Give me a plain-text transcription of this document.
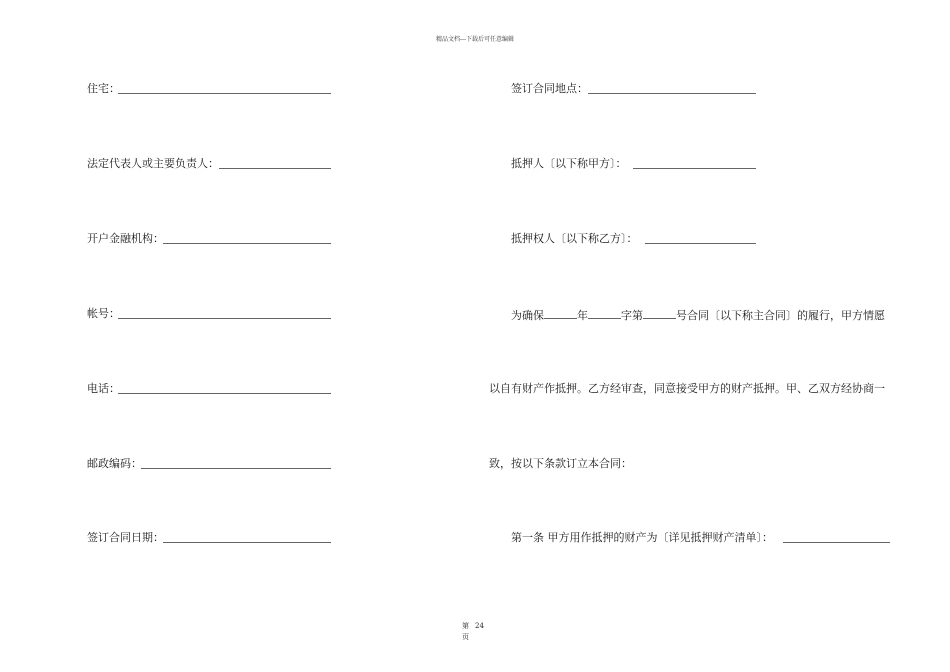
精品文档---下载后可任意编辑
住宅：
法定代表人或主要负责人：
开户金融机构：
帐号：
电话：
邮政编码：
签订合同日期：
签订合同地点：
抵押人〔以下称甲方〕：
抵押权人〔以下称乙方〕：
为确保	年	字第	号合同〔以下称主合同〕的履行，甲方情愿
以自有财产作抵押。乙方经审查，同意接受甲方的财产抵押。甲、乙双方经协商一
致，按以下条款订立本合同：
第一条 甲方用作抵押的财产为〔详见抵押财产清单〕：
第 24
页
